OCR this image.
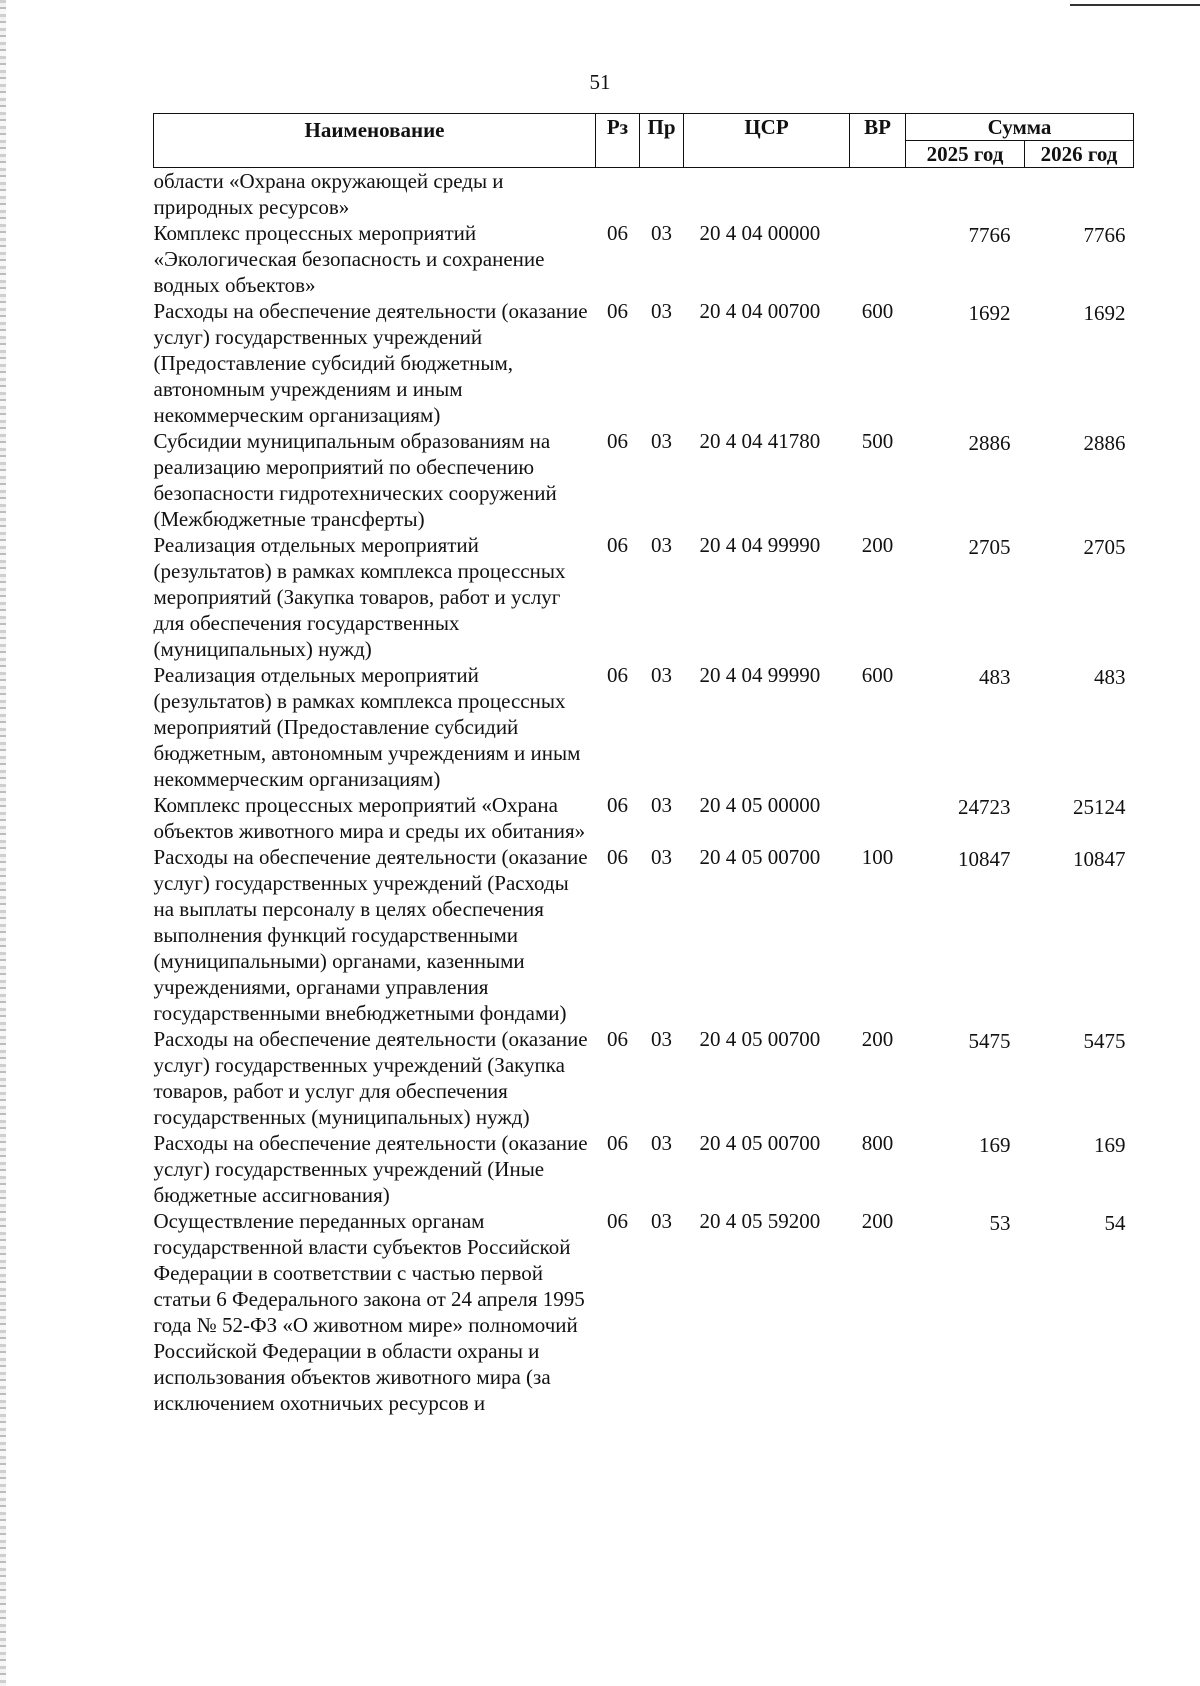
51
Наименование	Рз	Пр	ЦСР	ВР	Сумма	
					2025 год	2026 год
области «Охрана окружающей среды и природных ресурсов»						
Комплекс процессных мероприятий «Экологическая безопасность и сохранение водных объектов»	06	03	20 4 04 00000		7766	7766
Расходы на обеспечение деятельности (оказание услуг) государственных учреждений (Предоставление субсидий бюджетным, автономным учреждениям и иным некоммерческим организациям)	06	03	20 4 04 00700	600	1692	1692
Субсидии муниципальным образованиям на реализацию мероприятий по обеспечению безопасности гидротехнических сооружений (Межбюджетные трансферты)	06	03	20 4 04 41780	500	2886	2886
Реализация отдельных мероприятий (результатов) в рамках комплекса процессных мероприятий (Закупка товаров, работ и услуг для обеспечения государственных (муниципальных) нужд)	06	03	20 4 04 99990	200	2705	2705
Реализация отдельных мероприятий (результатов) в рамках комплекса процессных мероприятий (Предоставление субсидий бюджетным, автономным учреждениям и иным некоммерческим организациям)	06	03	20 4 04 99990	600	483	483
Комплекс процессных мероприятий «Охрана объектов животного мира и среды их обитания»	06	03	20 4 05 00000		24723	25124
Расходы на обеспечение деятельности (оказание услуг) государственных учреждений (Расходы на выплаты персоналу в целях обеспечения выполнения функций государственными (муниципальными) органами, казенными учреждениями, органами управления государственными внебюджетными фондами)	06	03	20 4 05 00700	100	10847	10847
Расходы на обеспечение деятельности (оказание услуг) государственных учреждений (Закупка товаров, работ и услуг для обеспечения государственных (муниципальных) нужд)	06	03	20 4 05 00700	200	5475	5475
Расходы на обеспечение деятельности (оказание услуг) государственных учреждений (Иные бюджетные ассигнования)	06	03	20 4 05 00700	800	169	169
Осуществление переданных органам государственной власти субъектов Российской Федерации в соответствии с частью первой статьи 6 Федерального закона от 24 апреля 1995 года № 52-ФЗ «О животном мире» полномочий Российской Федерации в области охраны и использования объектов животного мира (за исключением охотничьих ресурсов и	06	03	20 4 05 59200	200	53	54
